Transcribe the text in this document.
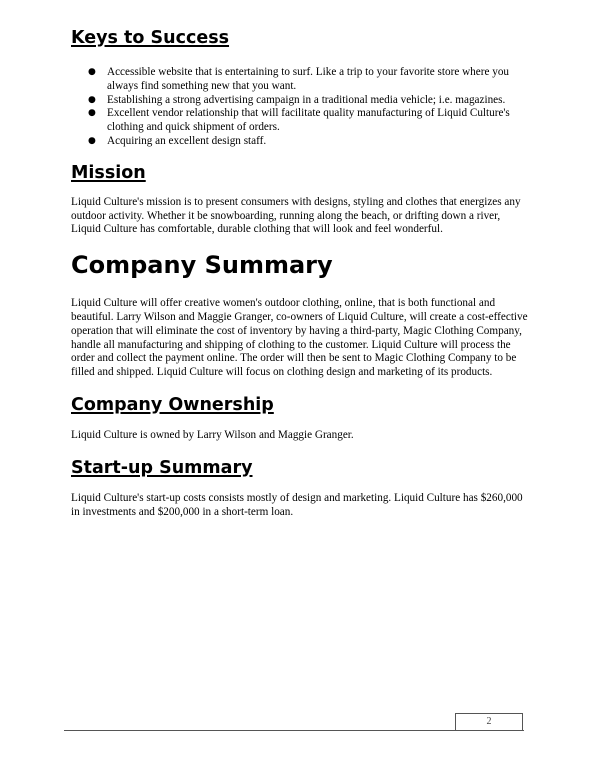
Keys to Success
● Accessible website that is entertaining to surf. Like a trip to your favorite store where you always find something new that you want.
● Establishing a strong advertising campaign in a traditional media vehicle; i.e. magazines.
● Excellent vendor relationship that will facilitate quality manufacturing of Liquid Culture's clothing and quick shipment of orders.
● Acquiring an excellent design staff.
Mission

Liquid Culture's mission is to present consumers with designs, styling and clothes that energizes any outdoor activity. Whether it be snowboarding, running along the beach, or drifting down a river, Liquid Culture has comfortable, durable clothing that will look and feel wonderful.

Company Summary

Liquid Culture will offer creative women's outdoor clothing, online, that is both functional and beautiful. Larry Wilson and Maggie Granger, co-owners of Liquid Culture, will create a cost-effective operation that will eliminate the cost of inventory by having a third-party, Magic Clothing Company, handle all manufacturing and shipping of clothing to the customer. Liquid Culture will process the order and collect the payment online. The order will then be sent to Magic Clothing Company to be filled and shipped. Liquid Culture will focus on clothing design and marketing of its products.

Company Ownership

Liquid Culture is owned by Larry Wilson and Maggie Granger.

Start-up Summary

Liquid Culture's start-up costs consists mostly of design and marketing. Liquid Culture has $260,000 in investments and $200,000 in a short-term loan.

2
